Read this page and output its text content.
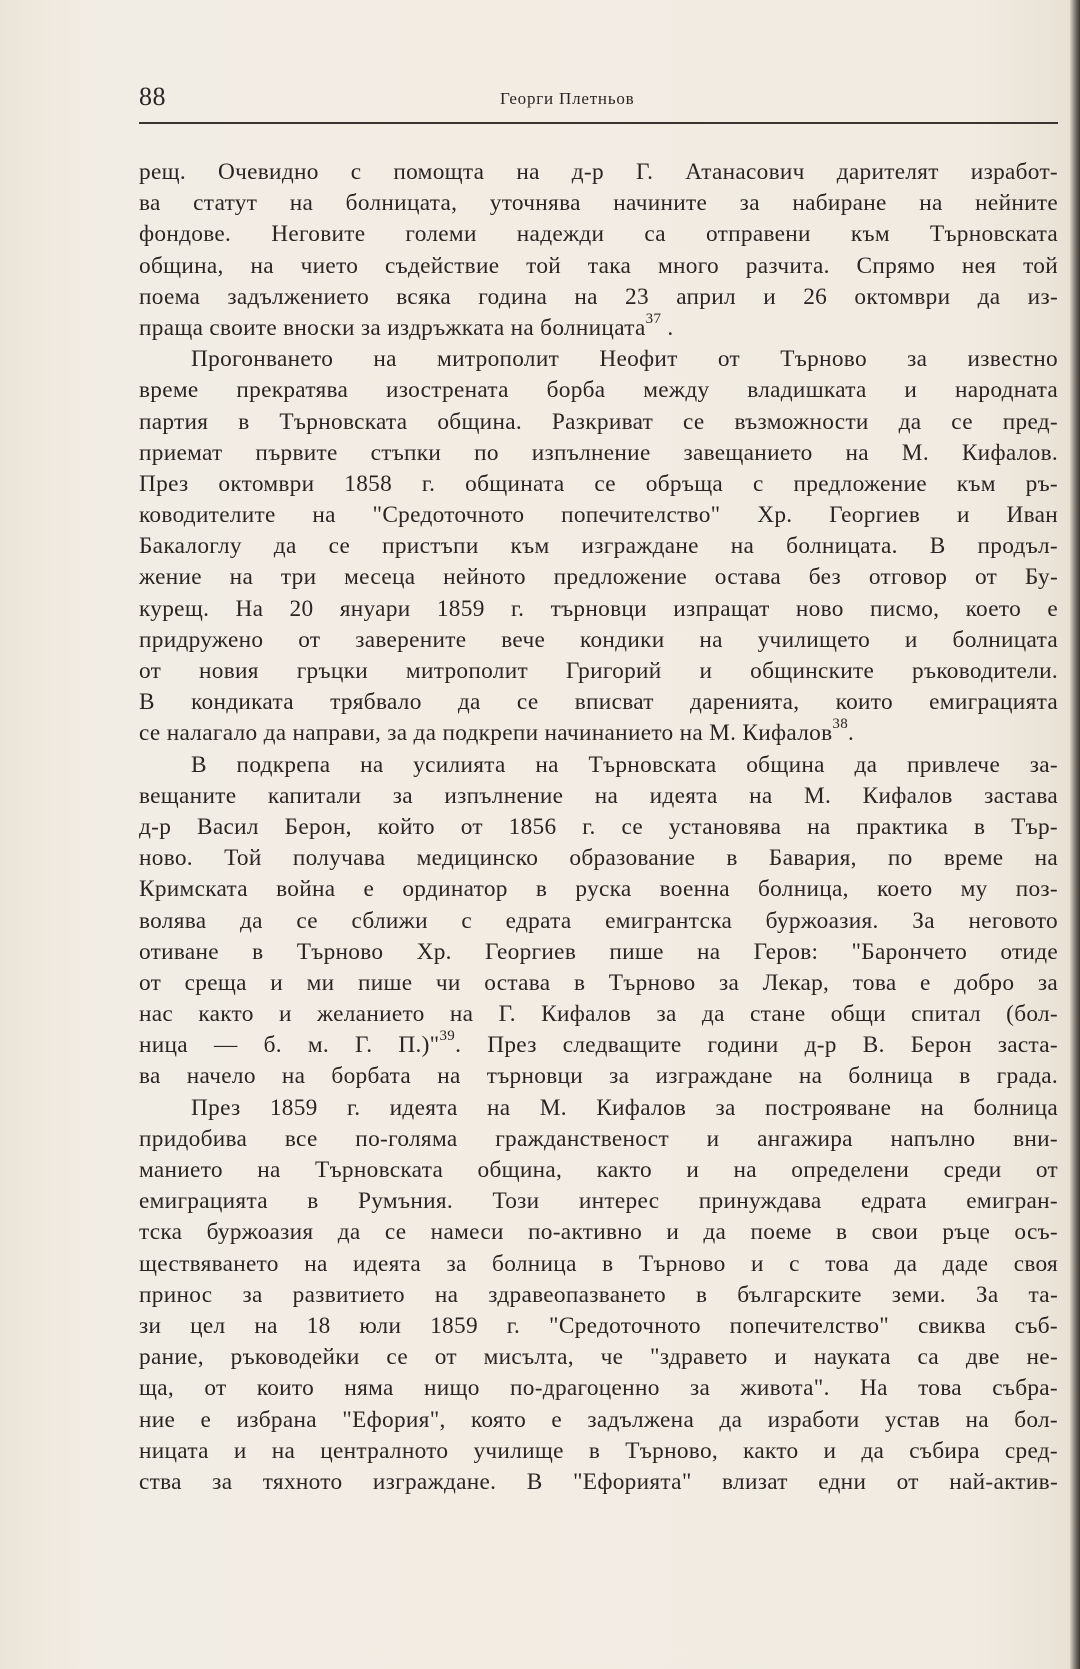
88	Георги Плетньов
рещ. Очевидно с помощта на д-р Г. Атанасович дарителят изработ-
ва статут на болницата, уточнява начините за набиране на нейните
фондове. Неговите големи надежди са отправени към Търновската
община, на чието съдействие той така много разчита. Спрямо нея той
поема задължението всяка година на 23 април и 26 октомври да из-
праща своите вноски за издръжката на болницата$^{37}$ .
Прогонването на митрополит Неофит от Търново за известно
време прекратява изострената борба между владишката и народната
партия в Търновската община. Разкриват се възможности да се пред-
приемат първите стъпки по изпълнение завещанието на М. Кифалов.
През октомври 1858 г. общината се обръща с предложение към ръ-
ководителите на "Средоточното попечителство" Хр. Георгиев и Иван
Бакалоглу да се пристъпи към изграждане на болницата. В продъл-
жение на три месеца нейното предложение остава без отговор от Бу-
курещ. На 20 януари 1859 г. търновци изпращат ново писмо, което е
придружено от заверените вече кондики на училището и болницата
от новия гръцки митрополит Григорий и общинските ръководители.
В кондиката трябвало да се вписват даренията, които емиграцията
се налагало да направи, за да подкрепи начинанието на М. Кифалов$^{38}$.
В подкрепа на усилията на Търновската община да привлече за-
вещаните капитали за изпълнение на идеята на М. Кифалов застава
д-р Васил Берон, който от 1856 г. се установява на практика в Тър-
ново. Той получава медицинско образование в Бавария, по време на
Кримската война е ординатор в руска военна болница, което му поз-
волява да се сближи с едрата емигрантска буржоазия. За неговото
отиване в Търново Хр. Георгиев пише на Геров: "Барончето отиде
от среща и ми пише чи остава в Търново за Лекар, това е добро за
нас както и желанието на Г. Кифалов за да стане общи спитал (бол-
ница — б. м. Г. П.)"$^{39}$. През следващите години д-р В. Берон заста-
ва начело на борбата на търновци за изграждане на болница в града.
През 1859 г. идеята на М. Кифалов за построяване на болница
придобива все по-голяма гражданственост и ангажира напълно вни-
манието на Търновската община, както и на определени среди от
емиграцията в Румъния. Този интерес принуждава едрата емигран-
тска буржоазия да се намеси по-активно и да поеме в свои ръце осъ-
ществяването на идеята за болница в Търново и с това да даде своя
принос за развитието на здравеопазването в българските земи. За та-
зи цел на 18 юли 1859 г. "Средоточното попечителство" свиква съб-
рание, ръководейки се от мисълта, че "здравето и науката са две не-
ща, от които няма нищо по-драгоценно за живота". На това събра-
ние е избрана "Ефория", която е задължена да изработи устав на бол-
ницата и на централното училище в Търново, както и да събира сред-
ства за тяхното изграждане. В "Ефорията" влизат едни от най-актив-
